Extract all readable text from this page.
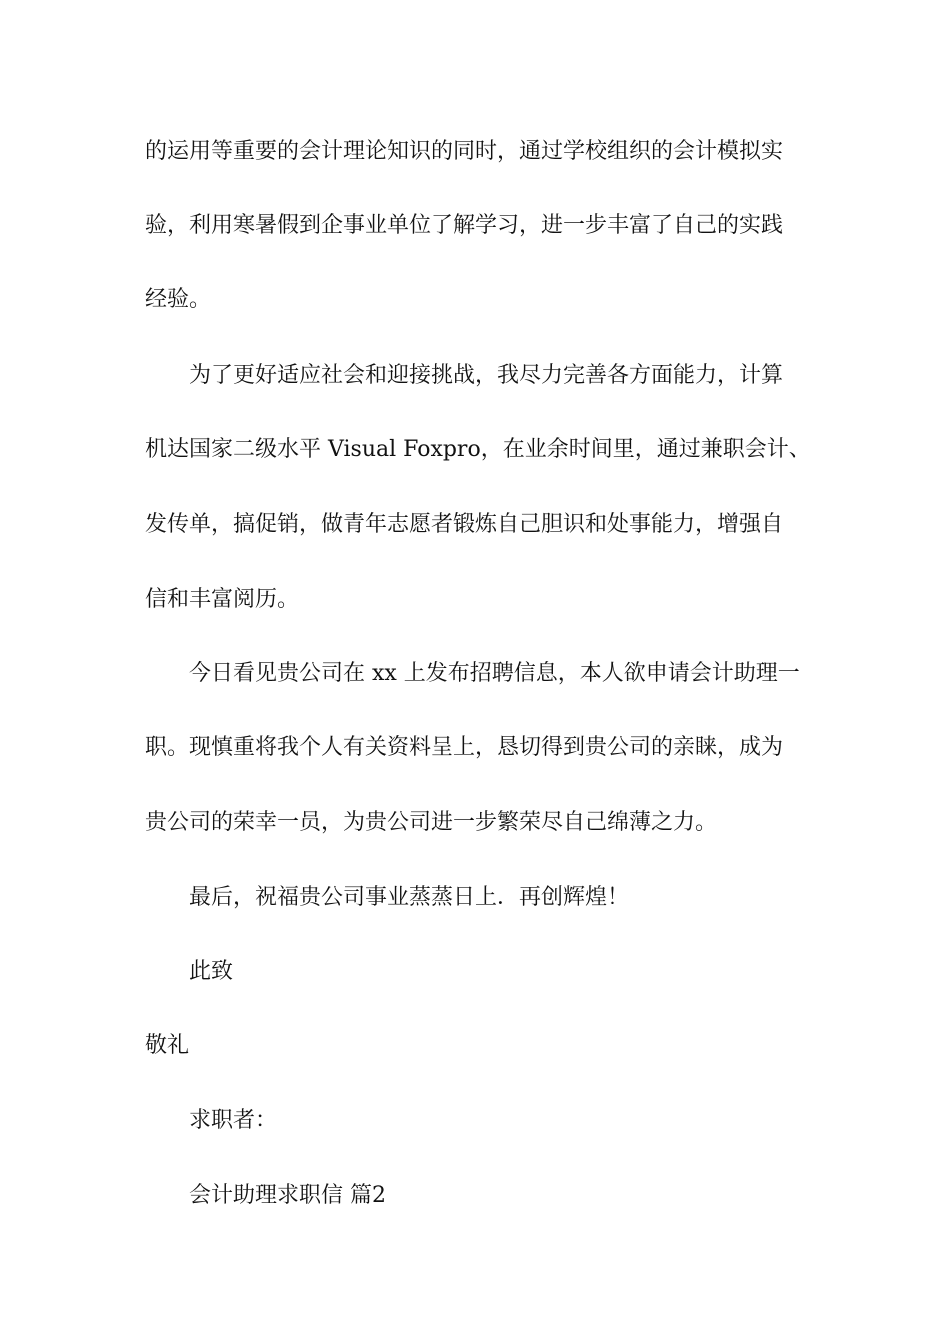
的运用等重要的会计理论知识的同时，通过学校组织的会计模拟实
验，利用寒暑假到企事业单位了解学习，进一步丰富了自己的实践
经验。
为了更好适应社会和迎接挑战，我尽力完善各方面能力，计算
机达国家二级水平 Visual Foxpro，在业余时间里，通过兼职会计、
发传单，搞促销，做青年志愿者锻炼自己胆识和处事能力，增强自
信和丰富阅历。
今日看见贵公司在 xx 上发布招聘信息，本人欲申请会计助理一
职。现慎重将我个人有关资料呈上，恳切得到贵公司的亲睐，成为
贵公司的荣幸一员，为贵公司进一步繁荣尽自己绵薄之力。
最后，祝福贵公司事业蒸蒸日上．再创辉煌！
此致
敬礼
求职者：
会计助理求职信 篇2
